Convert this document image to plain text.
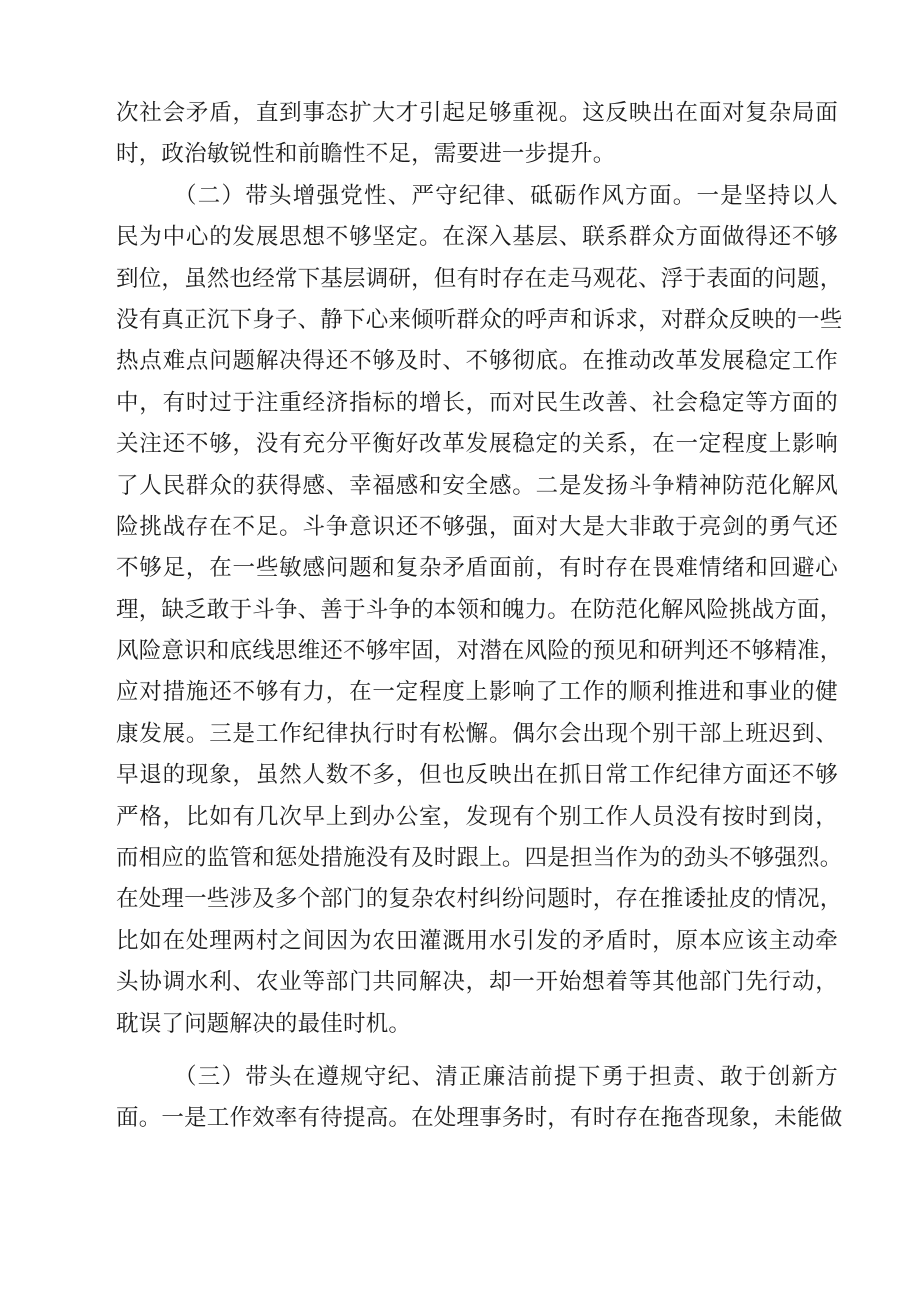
次社会矛盾，直到事态扩大才引起足够重视。这反映出在面对复杂局面
时，政治敏锐性和前瞻性不足，需要进一步提升。
（二）带头增强党性、严守纪律、砥砺作风方面。一是坚持以人
民为中心的发展思想不够坚定。在深入基层、联系群众方面做得还不够
到位，虽然也经常下基层调研，但有时存在走马观花、浮于表面的问题，
没有真正沉下身子、静下心来倾听群众的呼声和诉求，对群众反映的一些
热点难点问题解决得还不够及时、不够彻底。在推动改革发展稳定工作
中，有时过于注重经济指标的增长，而对民生改善、社会稳定等方面的
关注还不够，没有充分平衡好改革发展稳定的关系，在一定程度上影响
了人民群众的获得感、幸福感和安全感。二是发扬斗争精神防范化解风
险挑战存在不足。斗争意识还不够强，面对大是大非敢于亮剑的勇气还
不够足，在一些敏感问题和复杂矛盾面前，有时存在畏难情绪和回避心
理，缺乏敢于斗争、善于斗争的本领和魄力。在防范化解风险挑战方面，
风险意识和底线思维还不够牢固，对潜在风险的预见和研判还不够精准，
应对措施还不够有力，在一定程度上影响了工作的顺利推进和事业的健
康发展。三是工作纪律执行时有松懈。偶尔会出现个别干部上班迟到、
早退的现象，虽然人数不多，但也反映出在抓日常工作纪律方面还不够
严格，比如有几次早上到办公室，发现有个别工作人员没有按时到岗，
而相应的监管和惩处措施没有及时跟上。四是担当作为的劲头不够强烈。
在处理一些涉及多个部门的复杂农村纠纷问题时，存在推诿扯皮的情况，
比如在处理两村之间因为农田灌溉用水引发的矛盾时，原本应该主动牵
头协调水利、农业等部门共同解决，却一开始想着等其他部门先行动，
耽误了问题解决的最佳时机。
（三）带头在遵规守纪、清正廉洁前提下勇于担责、敢于创新方
面。一是工作效率有待提高。在处理事务时，有时存在拖沓现象，未能做
